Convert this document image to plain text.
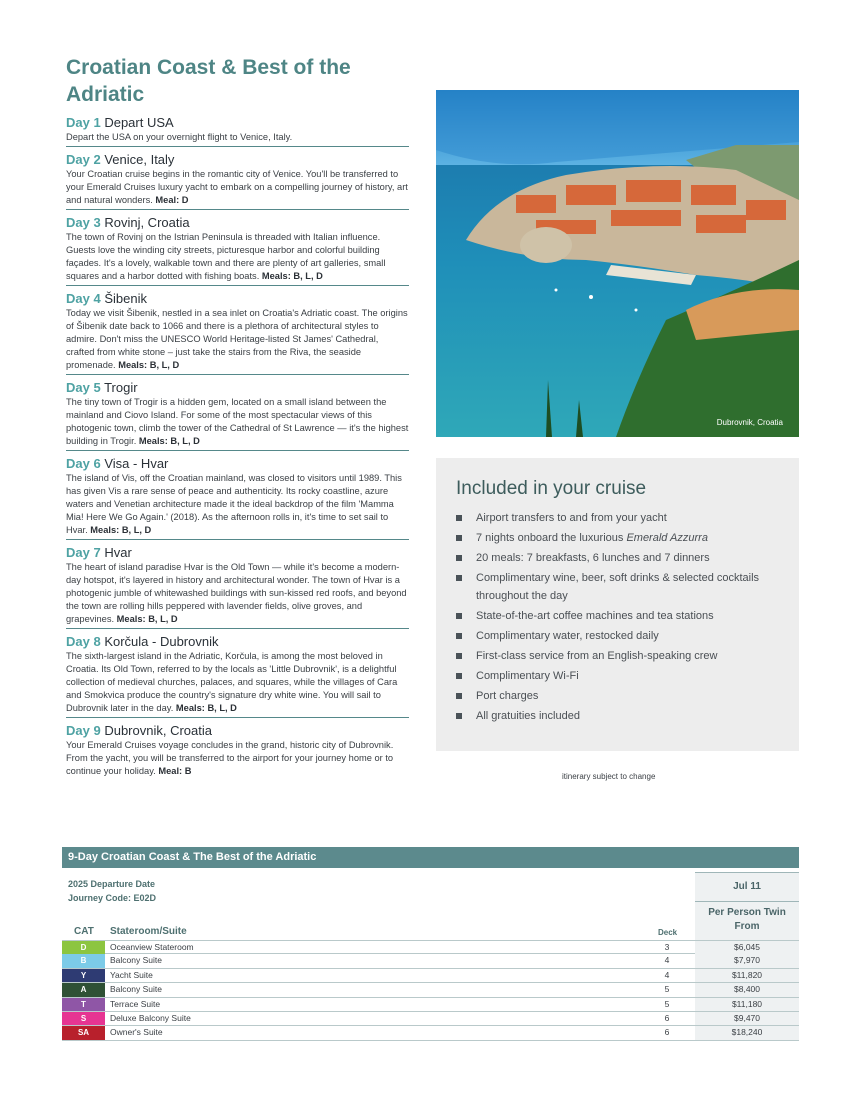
Croatian Coast & Best of the Adriatic
Day 1 Depart USA
Depart the USA on your overnight flight to Venice, Italy.
Day 2 Venice, Italy
Your Croatian cruise begins in the romantic city of Venice. You'll be transferred to your Emerald Cruises luxury yacht to embark on a compelling journey of history, art and natural wonders. Meal: D
Day 3 Rovinj, Croatia
The town of Rovinj on the Istrian Peninsula is threaded with Italian influence. Guests love the winding city streets, picturesque harbor and colorful building façades. It's a lovely, walkable town and there are plenty of art galleries, small squares and a harbor dotted with fishing boats. Meals: B, L, D
Day 4 Šibenik
Today we visit Šibenik, nestled in a sea inlet on Croatia's Adriatic coast. The origins of Šibenik date back to 1066 and there is a plethora of architectural styles to admire. Don't miss the UNESCO World Heritage-listed St James' Cathedral, crafted from white stone – just take the stairs from the Riva, the seaside promenade. Meals: B, L, D
Day 5 Trogir
The tiny town of Trogir is a hidden gem, located on a small island between the mainland and Ciovo Island. For some of the most spectacular views of this photogenic town, climb the tower of the Cathedral of St Lawrence — it's the highest building in Trogir. Meals: B, L, D
Day 6 Visa - Hvar
The island of Vis, off the Croatian mainland, was closed to visitors until 1989. This has given Vis a rare sense of peace and authenticity. Its rocky coastline, azure waters and Venetian architecture made it the ideal backdrop of the film 'Mamma Mia! Here We Go Again.' (2018). As the afternoon rolls in, it's time to set sail to Hvar. Meals: B, L, D
Day 7 Hvar
The heart of island paradise Hvar is the Old Town — while it's become a modern-day hotspot, it's layered in history and architectural wonder. The town of Hvar is a photogenic jumble of whitewashed buildings with sun-kissed red roofs, and beyond the town are rolling hills peppered with lavender fields, olive groves, and grapevines. Meals: B, L, D
Day 8 Korčula - Dubrovnik
The sixth-largest island in the Adriatic, Korčula, is among the most beloved in Croatia. Its Old Town, referred to by the locals as 'Little Dubrovnik', is a delightful collection of medieval churches, palaces, and squares, while the villages of Cara and Smokvica produce the country's signature dry white wine. You will sail to Dubrovnik later in the day. Meals: B, L, D
Day 9 Dubrovnik, Croatia
Your Emerald Cruises voyage concludes in the grand, historic city of Dubrovnik. From the yacht, you will be transferred to the airport for your journey home or to continue your holiday. Meal: B
Dubrovnik, Croatia
Included in your cruise
Airport transfers to and from your yacht
7 nights onboard the luxurious Emerald Azzurra
20 meals: 7 breakfasts, 6 lunches and 7 dinners
Complimentary wine, beer, soft drinks & selected cocktails throughout the day
State-of-the-art coffee machines and tea stations
Complimentary water, restocked daily
First-class service from an English-speaking crew
Complimentary Wi-Fi
Port charges
All gratuities included
itinerary subject to change
9-Day Croatian Coast & The Best of the Adriatic
2025 Departure Date
Journey Code: E02D
Jul 11
Per Person Twin From
CAT Stateroom/Suite	Deck
D	Oceanview Stateroom	3	$6,045
B	Balcony Suite	4	$7,970
Y	Yacht Suite	4	$11,820
A	Balcony Suite	5	$8,400
T	Terrace Suite	5	$11,180
S	Deluxe Balcony Suite	6	$9,470
SA	Owner's Suite	6	$18,240
